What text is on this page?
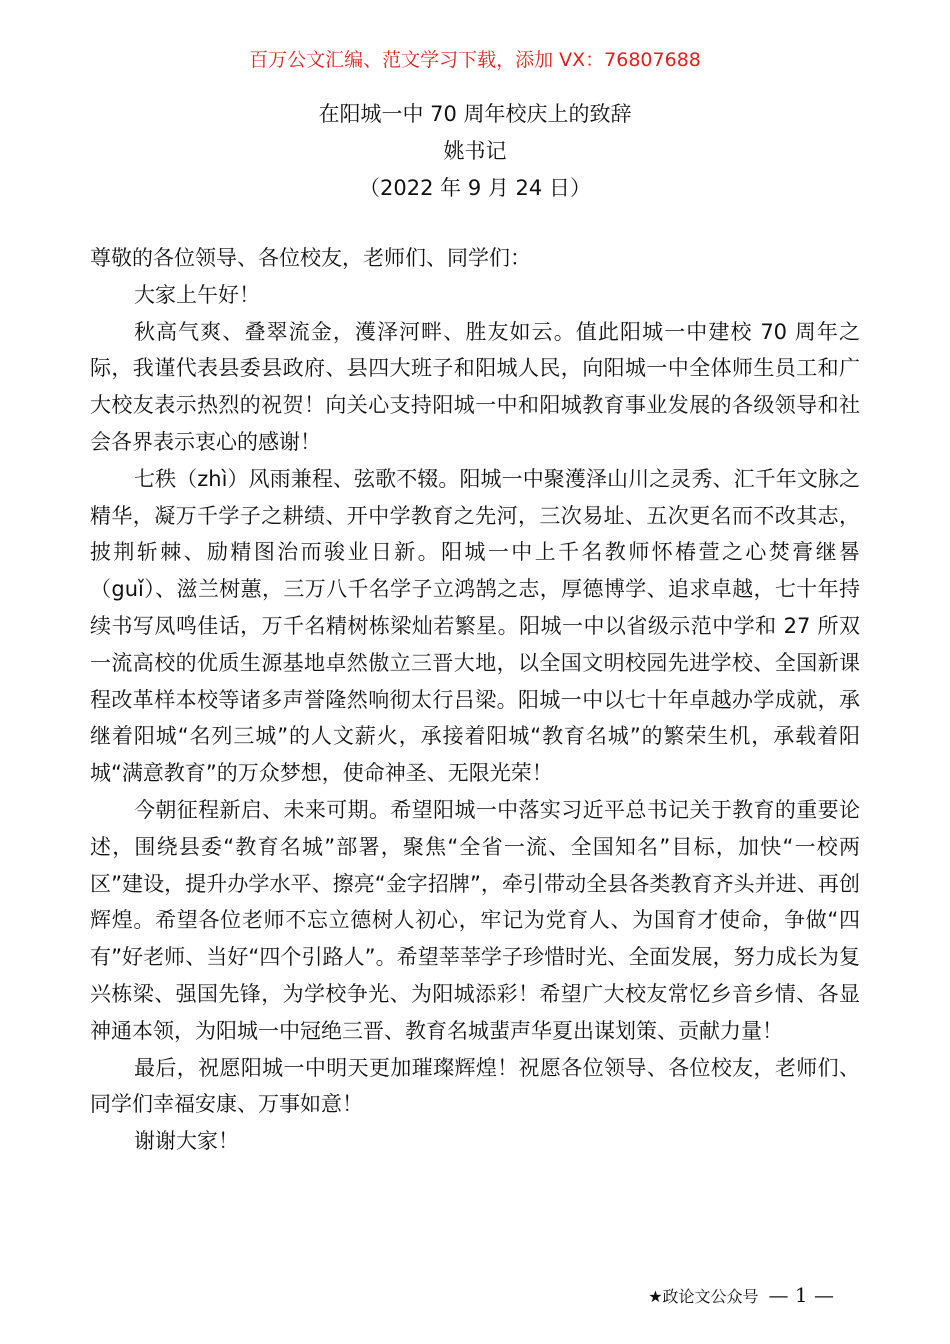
百万公文汇编、范文学习下载，添加 VX：76807688
在阳城一中 70 周年校庆上的致辞
姚书记
（2022 年 9 月 24 日）

尊敬的各位领导、各位校友，老师们、同学们：

大家上午好！

秋高气爽、叠翠流金，濩泽河畔、胜友如云。值此阳城一中建校 70 周年之际，我谨代表县委县政府、县四大班子和阳城人民，向阳城一中全体师生员工和广大校友表示热烈的祝贺！向关心支持阳城一中和阳城教育事业发展的各级领导和社会各界表示衷心的感谢！

七秩（zhì）风雨兼程、弦歌不辍。阳城一中聚濩泽山川之灵秀、汇千年文脉之精华，凝万千学子之耕绩、开中学教育之先河，三次易址、五次更名而不改其志，披荆斩棘、励精图治而骏业日新。阳城一中上千名教师怀椿萱之心焚膏继晷（guǐ）、滋兰树蕙，三万八千名学子立鸿鹄之志，厚德博学、追求卓越，七十年持续书写凤鸣佳话，万千名精树栋梁灿若繁星。阳城一中以省级示范中学和 27 所双一流高校的优质生源基地卓然傲立三晋大地，以全国文明校园先进学校、全国新课程改革样本校等诸多声誉隆然响彻太行吕梁。阳城一中以七十年卓越办学成就，承继着阳城“名列三城”的人文薪火，承接着阳城“教育名城”的繁荣生机，承载着阳城“满意教育”的万众梦想，使命神圣、无限光荣！

今朝征程新启、未来可期。希望阳城一中落实习近平总书记关于教育的重要论述，围绕县委“教育名城”部署，聚焦“全省一流、全国知名”目标，加快“一校两区”建设，提升办学水平、擦亮“金字招牌”，牵引带动全县各类教育齐头并进、再创辉煌。希望各位老师不忘立德树人初心，牢记为党育人、为国育才使命，争做“四有”好老师、当好“四个引路人”。希望莘莘学子珍惜时光、全面发展，努力成长为复兴栋梁、强国先锋，为学校争光、为阳城添彩！希望广大校友常忆乡音乡情、各显神通本领，为阳城一中冠绝三晋、教育名城蜚声华夏出谋划策、贡献力量！

最后，祝愿阳城一中明天更加璀璨辉煌！祝愿各位领导、各位校友，老师们、同学们幸福安康、万事如意！

谢谢大家！

★政论文公众号 — 1 —
